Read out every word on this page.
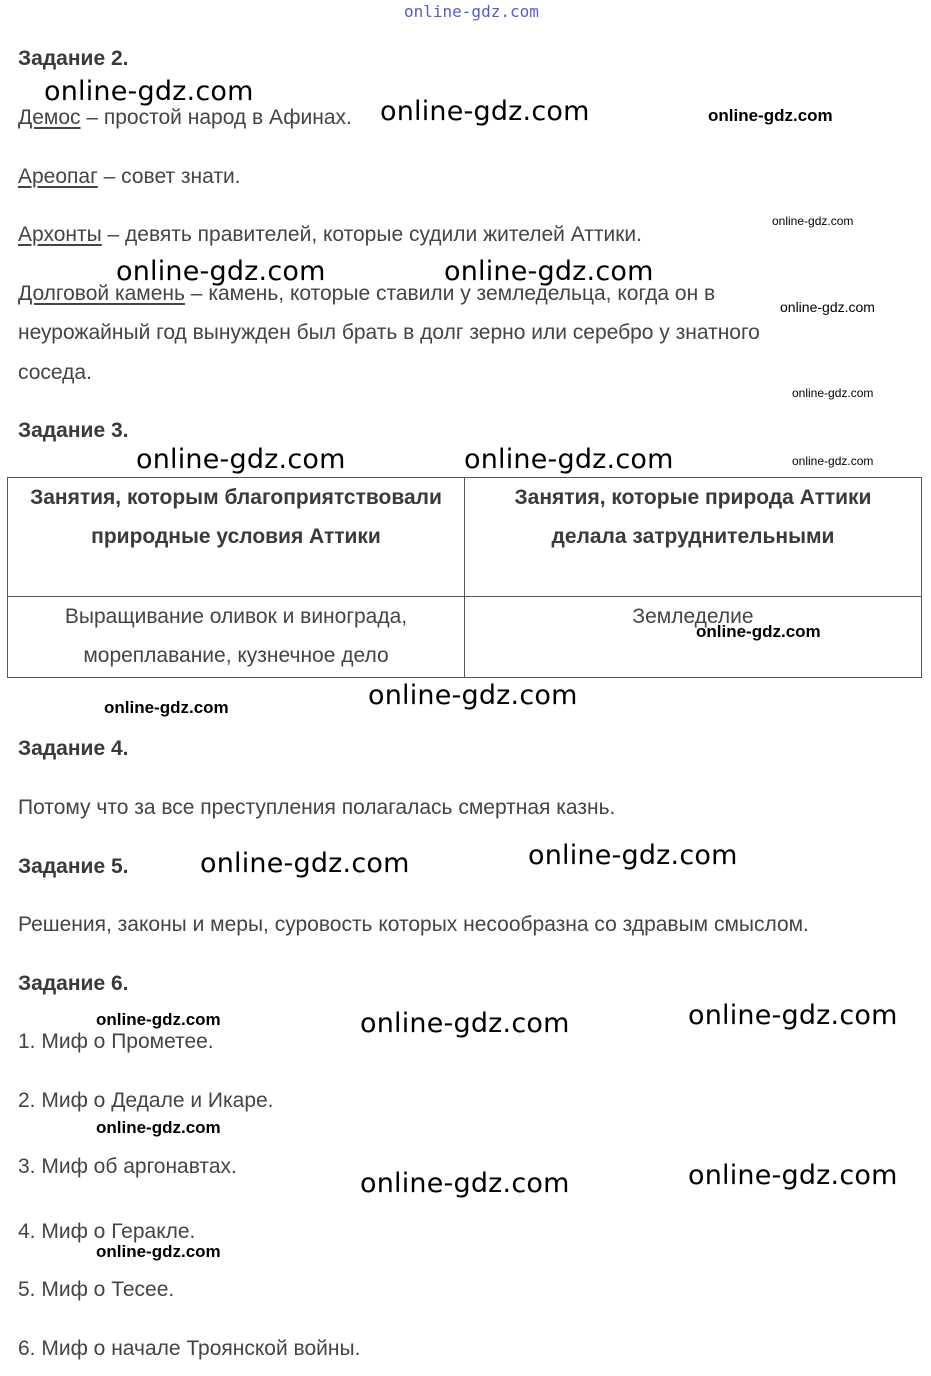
online-gdz.com
Задание 2.
Демос – простой народ в Афинах.
Ареопаг – совет знати.
Архонты – девять правителей, которые судили жителей Аттики.
Долговой камень – камень, которые ставили у земледельца, когда он в
неурожайный год вынужден был брать в долг зерно или серебро у знатного
соседа.
Задание 3.
Занятия, которым благоприятствовали природные условия Аттики	Занятия, которые природа Аттики делала затруднительными
Выращивание оливок и винограда, мореплавание, кузнечное дело	Земледелие
Задание 4.
Потому что за все преступления полагалась смертная казнь.
Задание 5.
Решения, законы и меры, суровость которых несообразна со здравым смыслом.
Задание 6.
1. Миф о Прометее.
2. Миф о Дедале и Икаре.
3. Миф об аргонавтах.
4. Миф о Геракле.
5. Миф о Тесее.
6. Миф о начале Троянской войны.
online-gdz.com
online-gdz.com	online-gdz.com
online-gdz.com
online-gdz.com	online-gdz.com
online-gdz.com
online-gdz.com
online-gdz.com	online-gdz.com	online-gdz.com
online-gdz.com
online-gdz.com
online-gdz.com
online-gdz.com	online-gdz.com
online-gdz.com	online-gdz.com	online-gdz.com
online-gdz.com
online-gdz.com
online-gdz.com
online-gdz.com
